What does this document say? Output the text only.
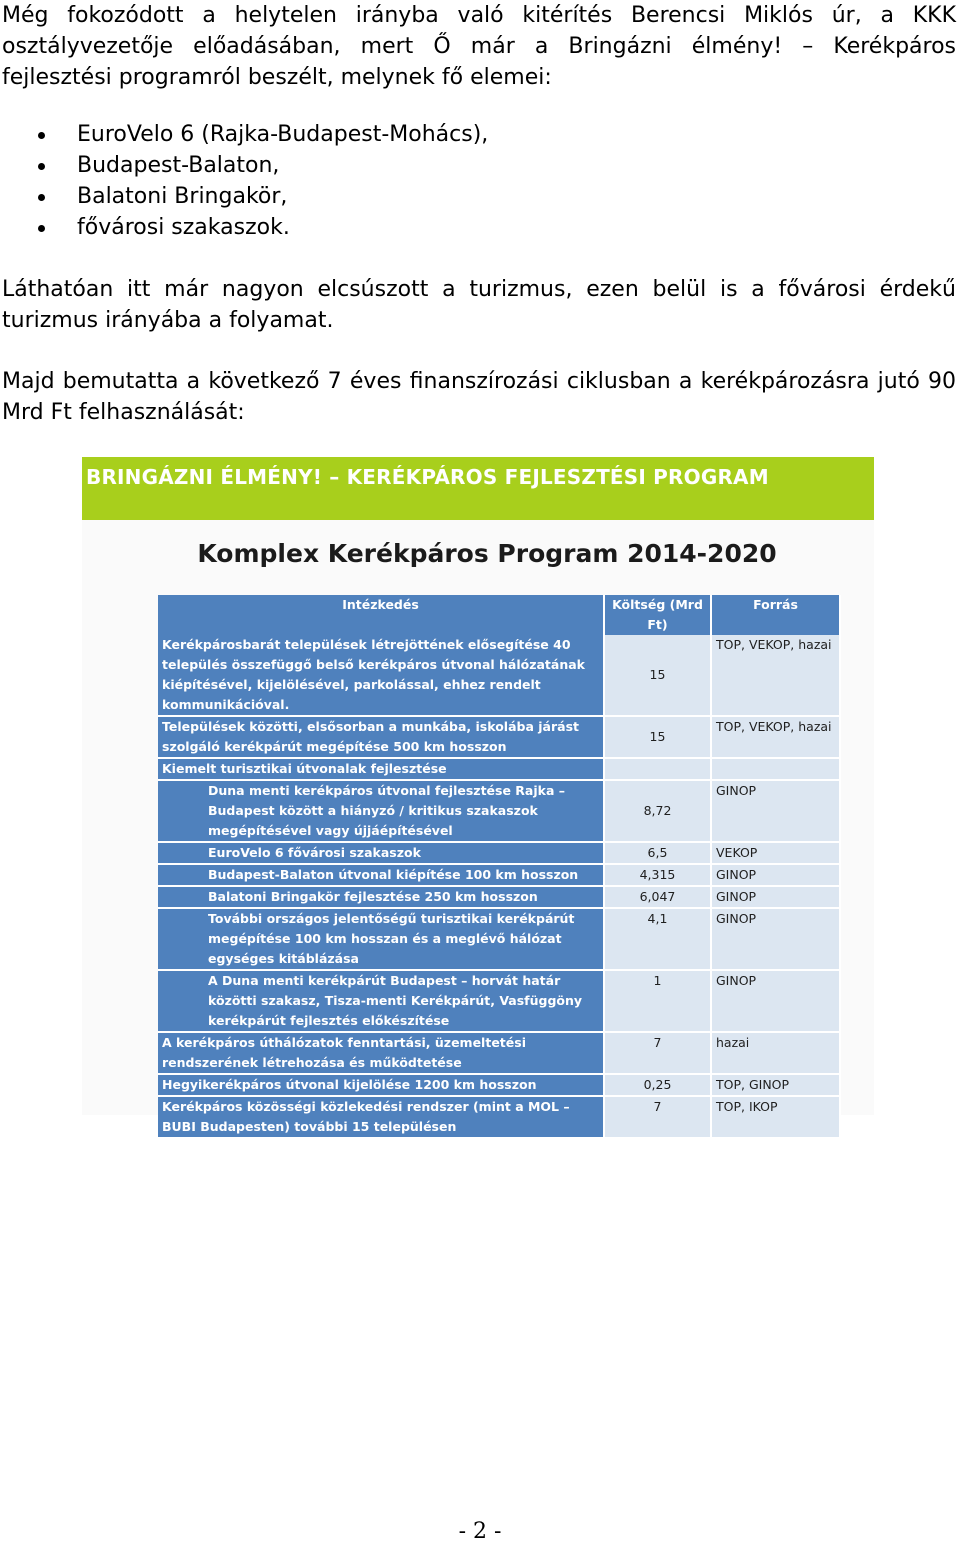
Még fokozódott a helytelen irányba való kitérítés Berencsi Miklós úr, a KKK
osztályvezetője előadásában, mert Ő már a Bringázni élmény! – Kerékpáros
fejlesztési programról beszélt, melynek fő elemei:
EuroVelo 6 (Rajka-Budapest-Mohács),
Budapest-Balaton,
Balatoni Bringakör,
fővárosi szakaszok.
Láthatóan itt már nagyon elcsúszott a turizmus, ezen belül is a fővárosi érdekű
turizmus irányába a folyamat.
Majd bemutatta a következő 7 éves finanszírozási ciklusban a kerékpározásra jutó 90
Mrd Ft felhasználását:
BRINGÁZNI ÉLMÉNY! – KERÉKPÁROS FEJLESZTÉSI PROGRAM
Komplex Kerékpáros Program 2014-2020
Intézkedés	Költség (Mrd Ft)	Forrás
Kerékpárosbarát települések létrejöttének elősegítése 40 település összefüggő belső kerékpáros útvonal hálózatának kiépítésével, kijelölésével, parkolással, ehhez rendelt kommunikációval.	15	TOP, VEKOP, hazai
Települések közötti, elsősorban a munkába, iskolába járást szolgáló kerékpárút megépítése 500 km hosszon	15	TOP, VEKOP, hazai
Kiemelt turisztikai útvonalak fejlesztése		
Duna menti kerékpáros útvonal fejlesztése Rajka – Budapest között a hiányzó / kritikus szakaszok megépítésével vagy újjáépítésével	8,72	GINOP
EuroVelo 6 fővárosi szakaszok	6,5	VEKOP
Budapest-Balaton útvonal kiépítése 100 km hosszon	4,315	GINOP
Balatoni Bringakör fejlesztése 250 km hosszon	6,047	GINOP
További országos jelentőségű turisztikai kerékpárút megépítése 100 km hosszan és a meglévő hálózat egységes kitáblázása	4,1	GINOP
A Duna menti kerékpárút Budapest – horvát határ közötti szakasz, Tisza-menti Kerékpárút, Vasfüggöny kerékpárút fejlesztés előkészítése	1	GINOP
A kerékpáros úthálózatok fenntartási, üzemeltetési rendszerének létrehozása és működtetése	7	hazai
Hegyikerékpáros útvonal kijelölése 1200 km hosszon	0,25	TOP, GINOP
Kerékpáros közösségi közlekedési rendszer (mint a MOL – BUBI Budapesten) további 15 településen	7	TOP, IKOP
- 2 -
